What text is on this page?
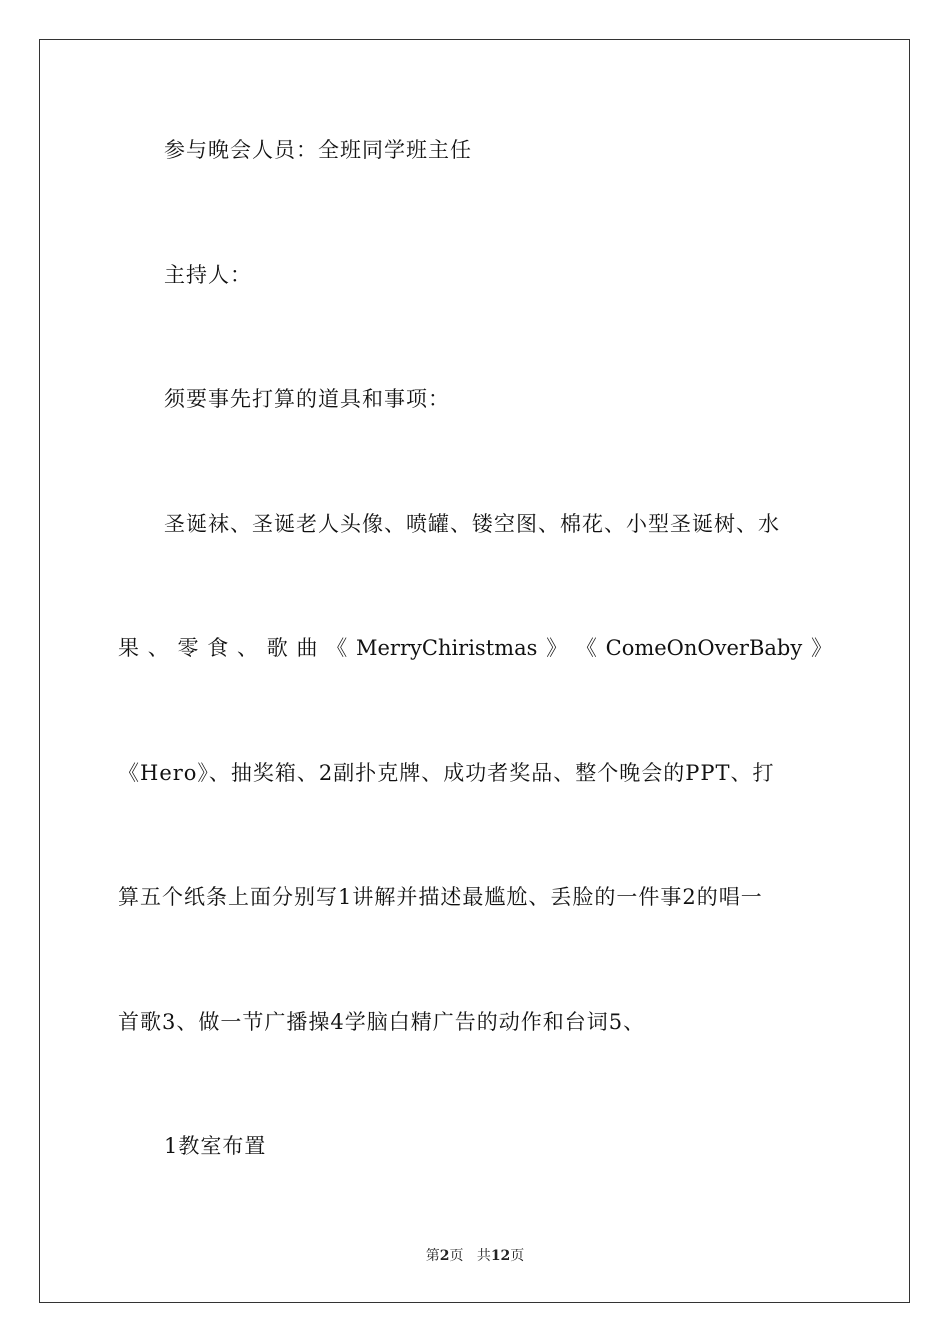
参与晚会人员：全班同学班主任
主持人：
须要事先打算的道具和事项：
圣诞袜、圣诞老人头像、喷罐、镂空图、棉花、小型圣诞树、水
果 、 零 食 、 歌 曲 《 MerryChiristmas 》 《 ComeOnOverBaby 》
《Hero》、抽奖箱、2副扑克牌、成功者奖品、整个晚会的PPT、打
算五个纸条上面分别写1讲解并描述最尴尬、丢脸的一件事2的唱一
首歌3、做一节广播操4学脑白精广告的动作和台词5、
1教室布置
第2页 共12页
